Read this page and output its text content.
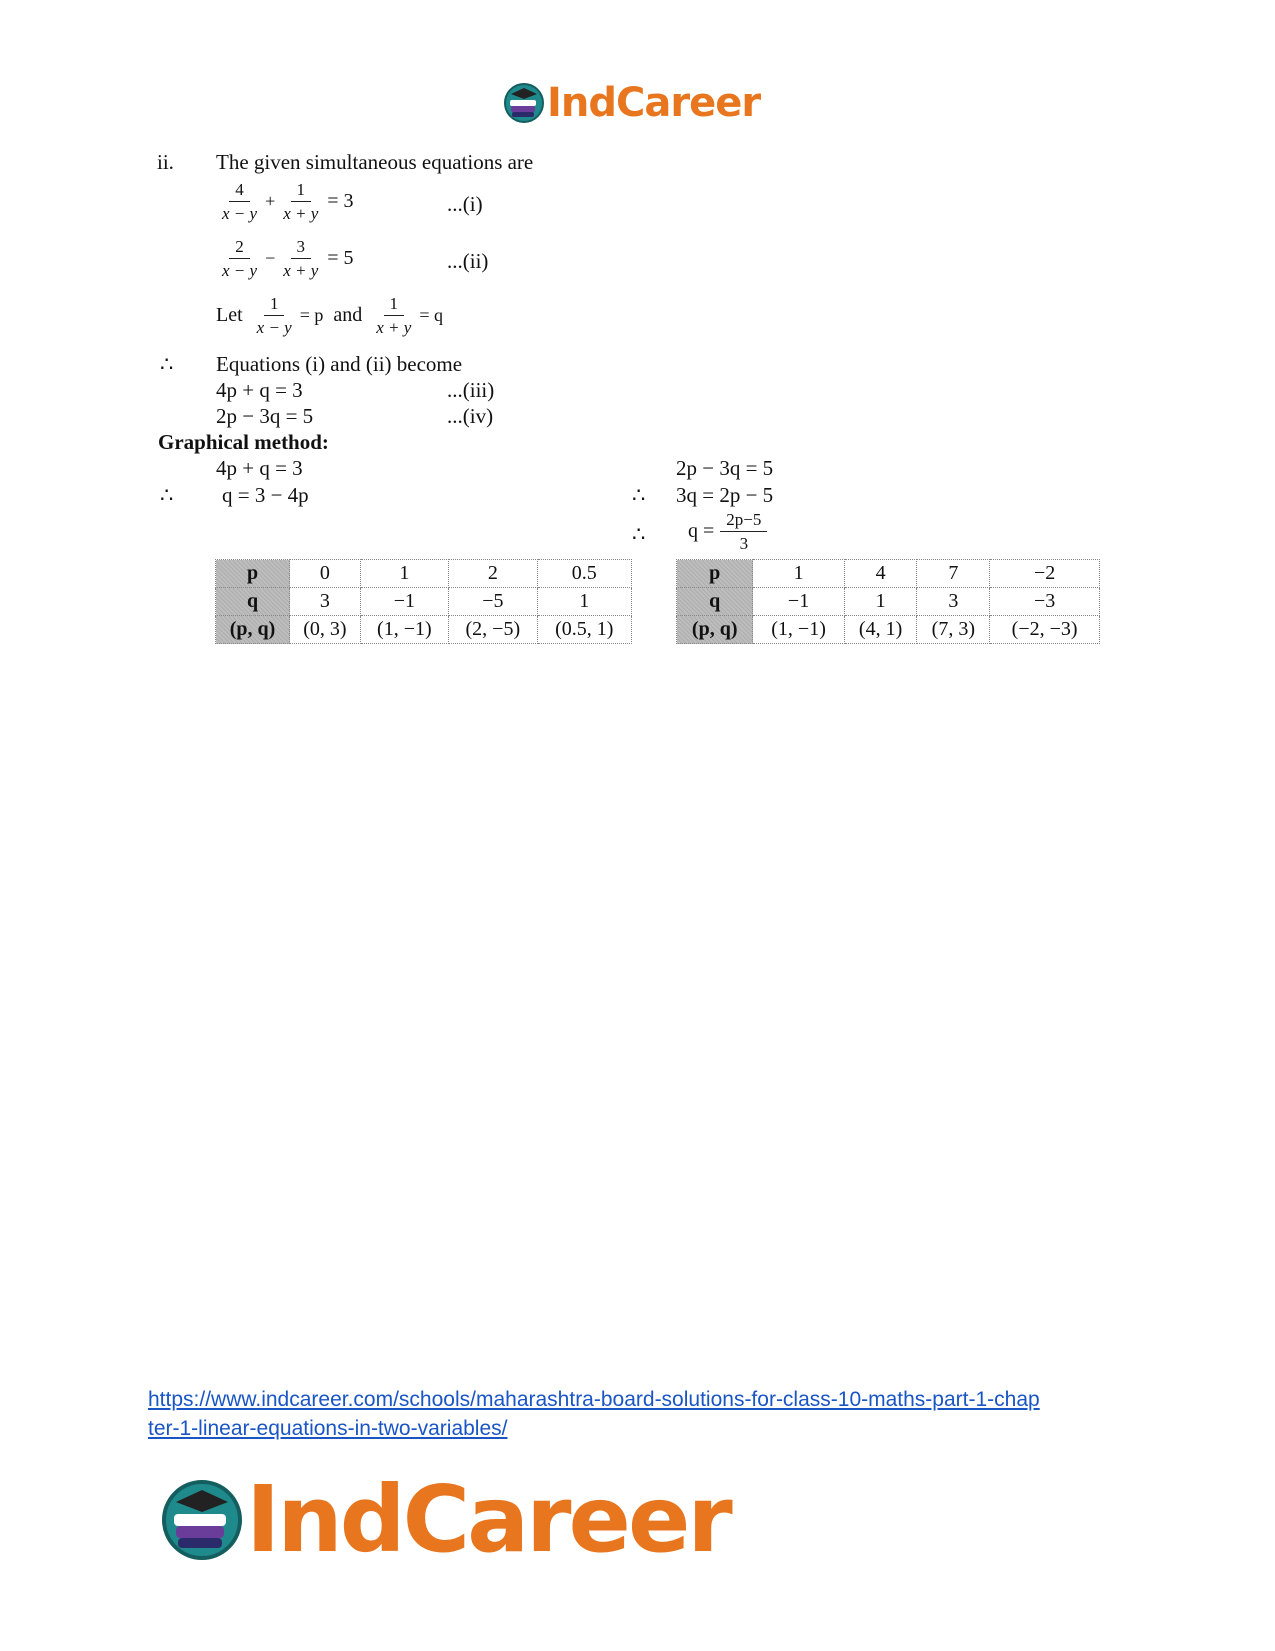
IndCareer
ii. The given simultaneous equations are
$\frac{4}{x - y} + \frac{1}{x + y} = 3$	...(i)
$\frac{2}{x - y} - \frac{3}{x + y} = 5$	...(ii)
Let $\frac{1}{x - y} = p$ and $\frac{1}{x + y} = q$
∴ Equations (i) and (ii) become
4p + q = 3	...(iii)
2p − 3q = 5	...(iv)
Graphical method:
4p + q = 3
∴ q = 3 − 4p
2p − 3q = 5
∴ 3q = 2p − 5
∴ $q = \frac{2p-5}{3}$
p	0	1	2	0.5
q	3	−1	−5	1
(p, q)	(0, 3)	(1, −1)	(2, −5)	(0.5, 1)
p	1	4	7	−2
q	−1	1	3	−3
(p, q)	(1, −1)	(4, 1)	(7, 3)	(−2, −3)
https://www.indcareer.com/schools/maharashtra-board-solutions-for-class-10-maths-part-1-chap
ter-1-linear-equations-in-two-variables/
IndCareer
